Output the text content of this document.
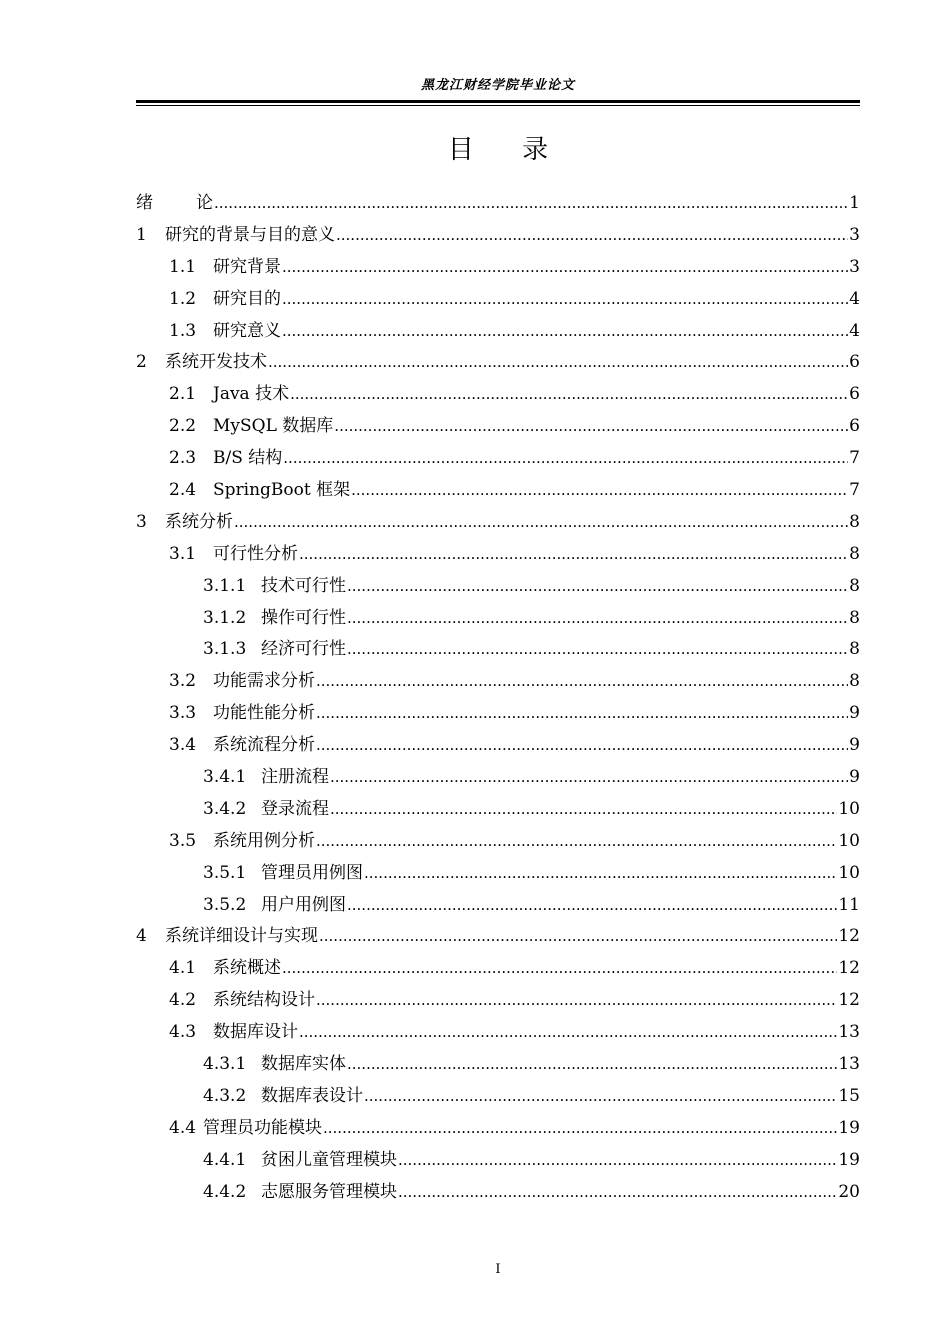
黑龙江财经学院毕业论文
目 录
绪	论 .....	1
1	研究的背景与目的意义 .....	3
1.1 研究背景 .....	3
1.2 研究目的 .....	4
1.3 研究意义 .....	4
2	系统开发技术 .....	6
2.1 Java 技术 .....	6
2.2 MySQL 数据库 .....	6
2.3 B/S 结构 .....	7
2.4 SpringBoot 框架 .....	7
3	系统分析 .....	8
3.1 可行性分析 .....	8
3.1.1 技术可行性 .....	8
3.1.2 操作可行性 .....	8
3.1.3 经济可行性 .....	8
3.2 功能需求分析 .....	8
3.3 功能性能分析 .....	9
3.4 系统流程分析 .....	9
3.4.1 注册流程 .....	9
3.4.2 登录流程 .....	10
3.5 系统用例分析 .....	10
3.5.1 管理员用例图 .....	10
3.5.2 用户用例图 .....	11
4	系统详细设计与实现 .....	12
4.1 系统概述 .....	12
4.2 系统结构设计 .....	12
4.3 数据库设计 .....	13
4.3.1 数据库实体 .....	13
4.3.2 数据库表设计 .....	15
4.4 管理员功能模块 .....	19
4.4.1 贫困儿童管理模块 .....	19
4.4.2 志愿服务管理模块 .....	20
I
